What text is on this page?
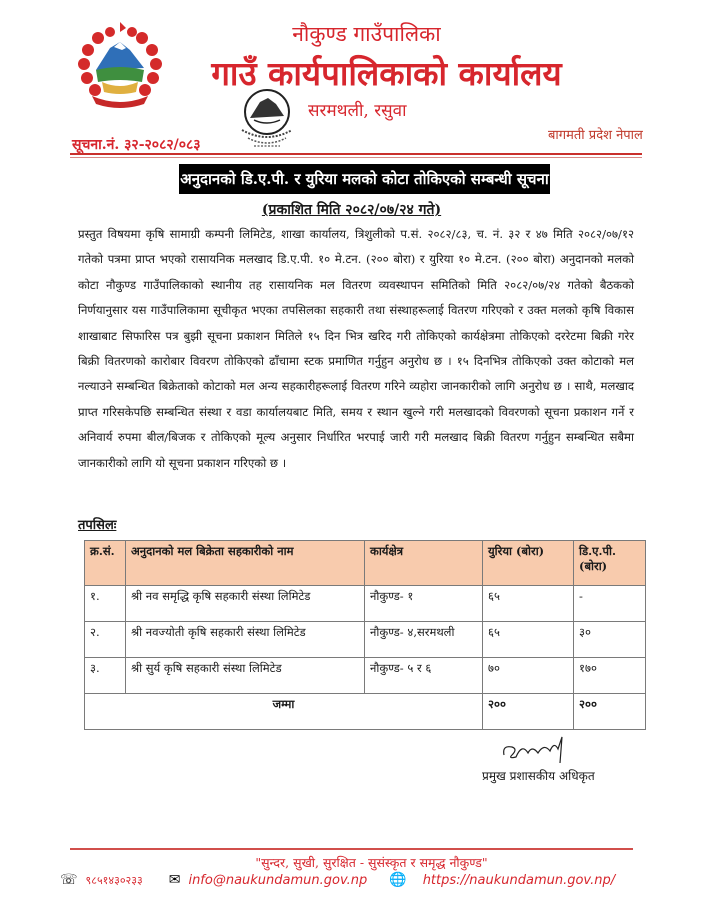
नौकुण्ड गाउँपालिका
गाउँ कार्यपालिकाको कार्यालय
सरमथली, रसुवा
सूचना.नं. ३२-२०८२/०८३
बागमती प्रदेश नेपाल
अनुदानको डि.ए.पी. र युरिया मलको कोटा तोकिएको सम्बन्धी सूचना
(प्रकाशित मिति २०८२/०७/२४ गते)
प्रस्तुत विषयमा कृषि सामाग्री कम्पनी लिमिटेड, शाखा कार्यालय, त्रिशुलीको प.सं. २०८२/८३, च. नं. ३२ र ४७ मिति २०८२/०७/१२ गतेको पत्रमा प्राप्त भएको रासायनिक मलखाद डि.ए.पी. १० मे.टन. (२०० बोरा) र युरिया १० मे.टन. (२०० बोरा) अनुदानको मलको कोटा नौकुण्ड गाउँपालिकाको स्थानीय तह रासायनिक मल वितरण व्यवस्थापन समितिको मिति २०८२/०७/२४ गतेको बैठकको निर्णयानुसार यस गाउँपालिकामा सूचीकृत भएका तपसिलका सहकारी तथा संस्थाहरूलाई वितरण गरिएको र उक्त मलको कृषि विकास शाखाबाट सिफारिस पत्र बुझी सूचना प्रकाशन मितिले १५ दिन भित्र खरिद गरी तोकिएको कार्यक्षेत्रमा तोकिएको दररेटमा बिक्री गरेर बिक्री वितरणको कारोबार विवरण तोकिएको ढाँचामा स्टक प्रमाणित गर्नुहुन अनुरोध छ । १५ दिनभित्र तोकिएको उक्त कोटाको मल नल्याउने सम्बन्धित बिक्रेताको कोटाको मल अन्य सहकारीहरूलाई वितरण गरिने व्यहोरा जानकारीको लागि अनुरोध छ । साथै, मलखाद प्राप्त गरिसकेपछि सम्बन्धित संस्था र वडा कार्यालयबाट मिति, समय र स्थान खुल्ने गरी मलखादको विवरणको सूचना प्रकाशन गर्ने र अनिवार्य रुपमा बील/बिजक र तोकिएको मूल्य अनुसार निर्धारित भरपाई जारी गरी मलखाद बिक्री वितरण गर्नुहुन सम्बन्धित सबैमा जानकारीको लागि यो सूचना प्रकाशन गरिएको छ ।
तपसिलः
क्र.सं.	अनुदानको मल बिक्रेता सहकारीको नाम	कार्यक्षेत्र	युरिया (बोरा)	डि.ए.पी. (बोरा)
१.	श्री नव समृद्धि कृषि सहकारी संस्था लिमिटेड	नौकुण्ड- १	६५	-
२.	श्री नवज्योती कृषि सहकारी संस्था लिमिटेड	नौकुण्ड- ४,सरमथली	६५	३०
३.	श्री सुर्य कृषि सहकारी संस्था लिमिटेड	नौकुण्ड- ५ र ६	७०	१७०
जम्मा			२००	२००
प्रमुख प्रशासकीय अधिकृत
"सुन्दर, सुखी, सुरक्षित - सुसंस्कृत र समृद्ध नौकुण्ड"
☏ ९८५१४३०२३३ ✉ info@naukundamun.gov.np 🌐 https://naukundamun.gov.np/
